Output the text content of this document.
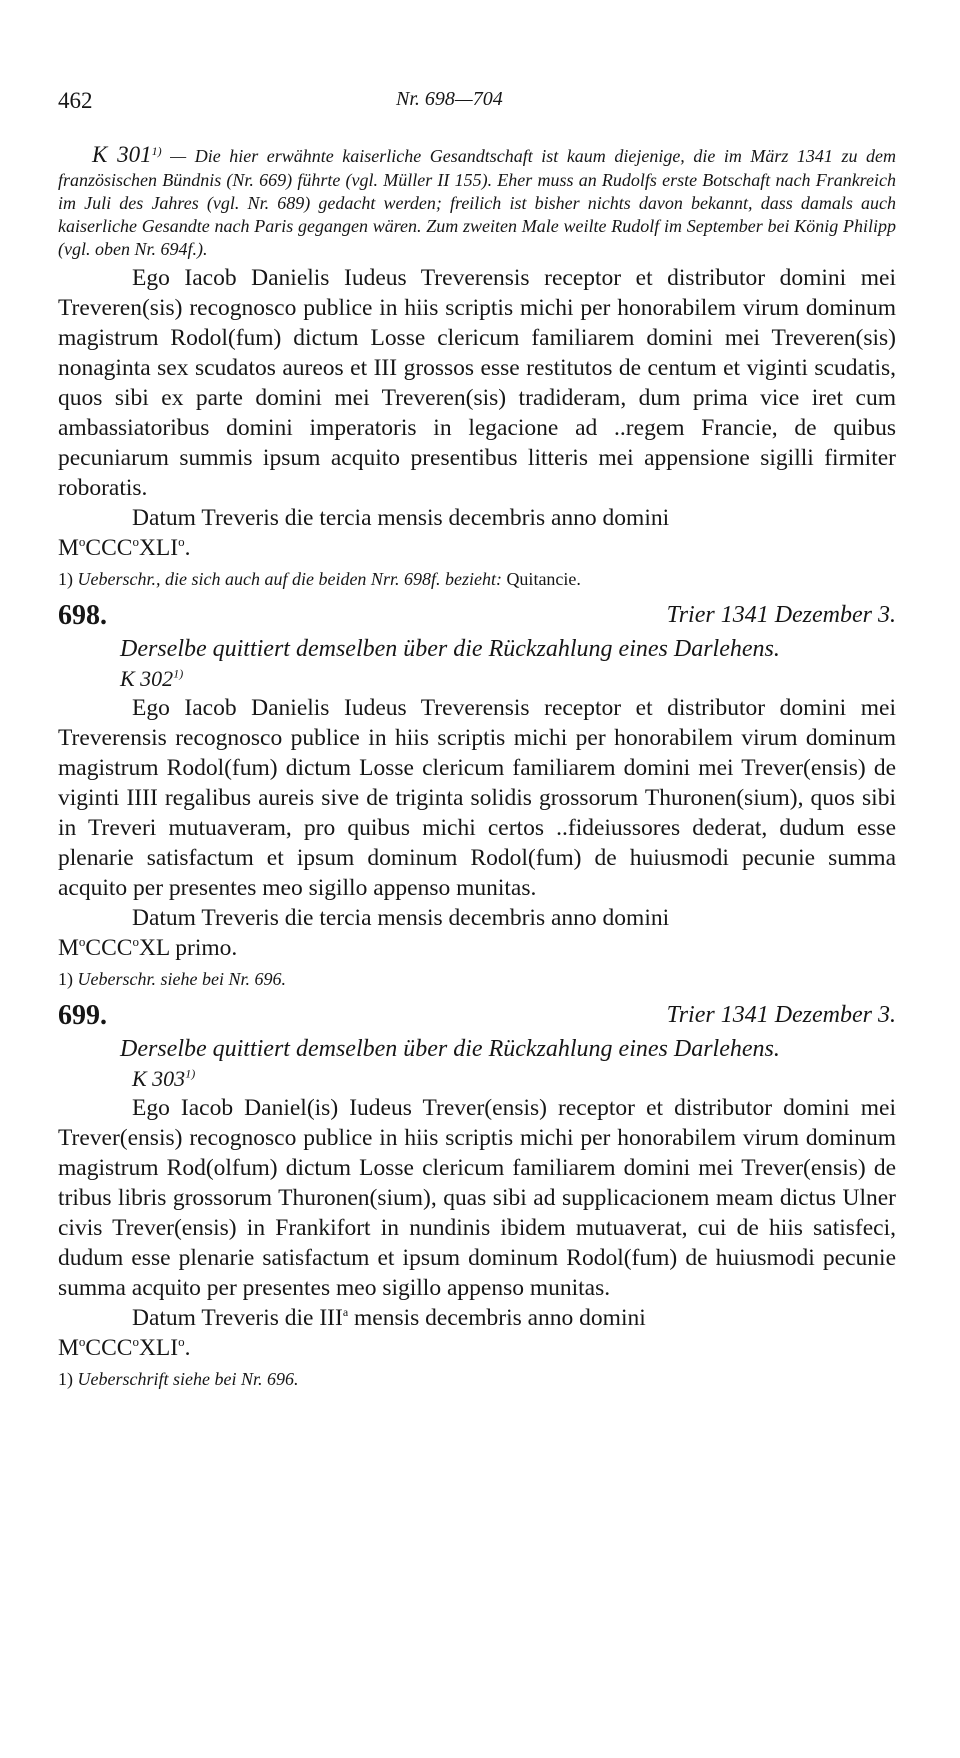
462	Nr. 698—704
K 301$^{1)}$ — Die hier erwähnte kaiserliche Gesandtschaft ist kaum diejenige, die im März 1341 zu dem französischen Bündnis (Nr. 669) führte (vgl. Müller II 155). Eher muss an Rudolfs erste Botschaft nach Frankreich im Juli des Jahres (vgl. Nr. 689) gedacht werden; freilich ist bisher nichts davon bekannt, dass damals auch kaiserliche Gesandte nach Paris gegangen wären. Zum zweiten Male weilte Rudolf im September bei König Philipp (vgl. oben Nr. 694f.).
Ego Iacob Danielis Iudeus Treverensis receptor et distributor domini mei Treveren(sis) recognosco publice in hiis scriptis michi per honorabilem virum dominum magistrum Rodol(fum) dictum Losse clericum familiarem domini mei Treveren(sis) nonaginta sex scudatos aureos et III grossos esse restitutos de centum et viginti scudatis, quos sibi ex parte domini mei Treveren(sis) tradideram, dum prima vice iret cum ambassiatoribus domini imperatoris in legacione ad ..regem Francie, de quibus pecuniarum summis ipsum acquito presentibus litteris mei appensione sigilli firmiter roboratis.
Datum Treveris die tercia mensis decembris anno domini
$M^oCCC^oXLI^o$.
1) Ueberschr., die sich auch auf die beiden Nrr. 698f. bezieht: Quitancie.
698.	Trier 1341 Dezember 3.
Derselbe quittiert demselben über die Rückzahlung eines Darlehens.
K 302$^{1)}$
Ego Iacob Danielis Iudeus Treverensis receptor et distributor domini mei Treverensis recognosco publice in hiis scriptis michi per honorabilem virum dominum magistrum Rodol(fum) dictum Losse clericum familiarem domini mei Trever(ensis) de viginti IIII regalibus aureis sive de triginta solidis grossorum Thuronen(sium), quos sibi in Treveri mutuaveram, pro quibus michi certos ..fideiussores dederat, dudum esse plenarie satisfactum et ipsum dominum Rodol(fum) de huiusmodi pecunie summa acquito per presentes meo sigillo appenso munitas.
Datum Treveris die tercia mensis decembris anno domini
$M^oCCC^oXL$ primo.
1) Ueberschr. siehe bei Nr. 696.
699.	Trier 1341 Dezember 3.
Derselbe quittiert demselben über die Rückzahlung eines Darlehens.
K 303$^{1)}$
Ego Iacob Daniel(is) Iudeus Trever(ensis) receptor et distributor domini mei Trever(ensis) recognosco publice in hiis scriptis michi per honorabilem virum dominum magistrum Rod(olfum) dictum Losse clericum familiarem domini mei Trever(ensis) de tribus libris grossorum Thuronen(sium), quas sibi ad supplicacionem meam dictus Ulner civis Trever(ensis) in Frankifort in nundinis ibidem mutuaverat, cui de hiis satisfeci, dudum esse plenarie satisfactum et ipsum dominum Rodol(fum) de huiusmodi pecunie summa acquito per presentes meo sigillo appenso munitas.
Datum Treveris die III$^a$ mensis decembris anno domini
$M^oCCC^oXLI^o$.
1) Ueberschrift siehe bei Nr. 696.
